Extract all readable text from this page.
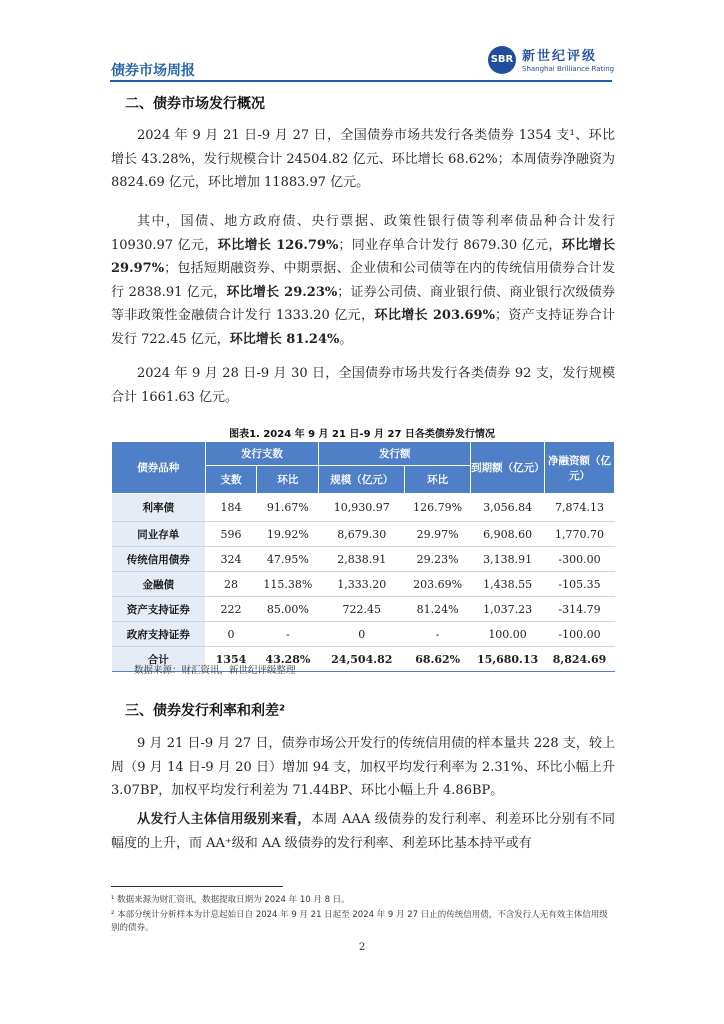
债券市场周报
SBR 新世纪评级
Shanghai Brilliance Rating
二、债券市场发行概况

2024 年 9 月 21 日-9 月 27 日，全国债券市场共发行各类债券 1354 支¹、环比增长 43.28%，发行规模合计 24504.82 亿元、环比增长 68.62%；本周债券净融资为 8824.69 亿元，环比增加 11883.97 亿元。

其中，国债、地方政府债、央行票据、政策性银行债等利率债品种合计发行 10930.97 亿元，环比增长 126.79%；同业存单合计发行 8679.30 亿元，环比增长 29.97%；包括短期融资券、中期票据、企业债和公司债等在内的传统信用债券合计发行 2838.91 亿元，环比增长 29.23%；证券公司债、商业银行债、商业银行次级债券等非政策性金融债合计发行 1333.20 亿元，环比增长 203.69%；资产支持证券合计发行 722.45 亿元，环比增长 81.24%。

2024 年 9 月 28 日-9 月 30 日，全国债券市场共发行各类债券 92 支，发行规模合计 1661.63 亿元。

图表1. 2024 年 9 月 21 日-9 月 27 日各类债券发行情况
债券品种	发行支数		发行额		到期额（亿元）	净融资额（亿元）
	支数	环比	规模（亿元）	环比		
利率债	184	91.67%	10,930.97	126.79%	3,056.84	7,874.13
同业存单	596	19.92%	8,679.30	29.97%	6,908.60	1,770.70
传统信用债券	324	47.95%	2,838.91	29.23%	3,138.91	-300.00
金融债	28	115.38%	1,333.20	203.69%	1,438.55	-105.35
资产支持证券	222	85.00%	722.45	81.24%	1,037.23	-314.79
政府支持证券	0	-	0	-	100.00	-100.00
合计	1354	43.28%	24,504.82	68.62%	15,680.13	8,824.69
数据来源：财汇资讯，新世纪评级整理
三、债券发行利率和利差²

9 月 21 日-9 月 27 日，债券市场公开发行的传统信用债的样本量共 228 支，较上周（9 月 14 日-9 月 20 日）增加 94 支，加权平均发行利率为 2.31%、环比小幅上升 3.07BP，加权平均发行利差为 71.44BP、环比小幅上升 4.86BP。

从发行人主体信用级别来看，本周 AAA 级债券的发行利率、利差环比分别有不同幅度的上升，而 AA⁺级和 AA 级债券的发行利率、利差环比基本持平或有

¹ 数据来源为财汇资讯，数据提取日期为 2024 年 10 月 8 日。
² 本部分统计分析样本为计息起始日自 2024 年 9 月 21 日起至 2024 年 9 月 27 日止的传统信用债，不含发行人无有效主体信用级别的债券。
2
